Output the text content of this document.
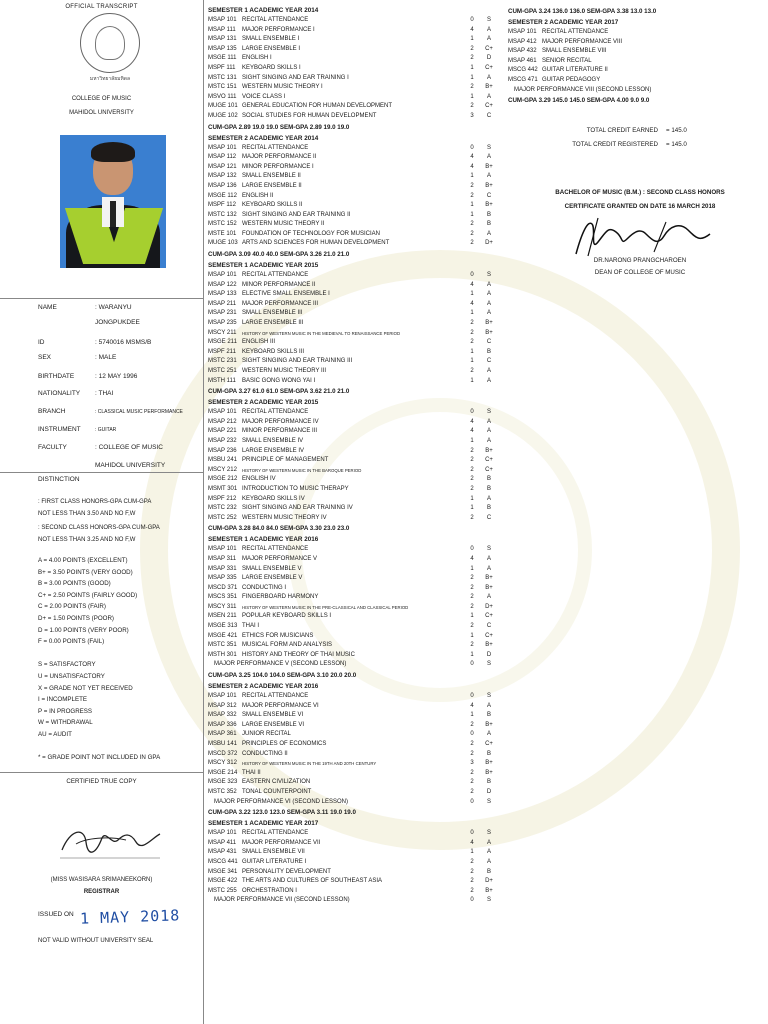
OFFICIAL TRANSCRIPT
มหาวิทยาลัยมหิดล
COLLEGE OF MUSIC
MAHIDOL UNIVERSITY
NAME	: WARANYU
JONGPUKDEE
ID	: 5740016 MSMS/B
SEX	: MALE
BIRTHDATE	: 12 MAY 1996
NATIONALITY : THAI
BRANCH	: CLASSICAL MUSIC PERFORMANCE
INSTRUMENT	: GUITAR
FACULTY	: COLLEGE OF MUSIC
MAHIDOL UNIVERSITY
DISTINCTION
: FIRST CLASS HONORS-GPA CUM-GPA
NOT LESS THAN 3.50 AND NO F,W
: SECOND CLASS HONORS-GPA CUM-GPA
NOT LESS THAN 3.25 AND NO F,W
A = 4.00 POINTS (EXCELLENT)
B+ = 3.50 POINTS (VERY GOOD)
B = 3.00 POINTS (GOOD)
C+ = 2.50 POINTS (FAIRLY GOOD)
C = 2.00 POINTS (FAIR)
D+ = 1.50 POINTS (POOR)
D = 1.00 POINTS (VERY POOR)
F = 0.00 POINTS (FAIL)
S = SATISFACTORY
U = UNSATISFACTORY
X = GRADE NOT YET RECEIVED
I = INCOMPLETE
P = IN PROGRESS
W = WITHDRAWAL
AU = AUDIT
* = GRADE POINT NOT INCLUDED IN GPA
CERTIFIED TRUE COPY
(MISS WASISARA SRIMANEEKORN)
REGISTRAR
ISSUED ON 1 MAY 2018
NOT VALID WITHOUT UNIVERSITY SEAL
SEMESTER 1 ACADEMIC YEAR 2014
MSAP 101 RECITAL ATTENDANCE	0	S
MSAP 111	MAJOR PERFORMANCE I	4	A
MSAP 131 SMALL ENSEMBLE I	1	A
MSAP 135 LARGE ENSEMBLE I	2	C+
MSGE 111 ENGLISH I	2	D
MSPF 111	KEYBOARD SKILLS I	1	C+
MSTC 131 SIGHT SINGING AND EAR TRAINING I	1	A
MSTC 151 WESTERN MUSIC THEORY I	2	B+
MSVO 111 VOICE CLASS I	1	A
MUGE 101 GENERAL EDUCATION FOR HUMAN DEVELOPMENT	2	C+
MUGE 102 SOCIAL STUDIES FOR HUMAN DEVELOPMENT	3	C
CUM-GPA 2.89 19.0 19.0 SEM-GPA 2.89 19.0 19.0
SEMESTER 2 ACADEMIC YEAR 2014
MSAP 101 RECITAL ATTENDANCE	0	S
MSAP 112 MAJOR PERFORMANCE II	4	A
MSAP 121 MINOR PERFORMANCE I	4	B+
MSAP 132 SMALL ENSEMBLE II	1	A
MSAP 136 LARGE ENSEMBLE II	2	B+
MSGE 112 ENGLISH II	2	C
MSPF 112	KEYBOARD SKILLS II	1	B+
MSTC 132 SIGHT SINGING AND EAR TRAINING II	1	B
MSTC 152 WESTERN MUSIC THEORY II	2	B
MSTE 101 FOUNDATION OF TECHNOLOGY FOR MUSICIAN	2	A
MUGE 103 ARTS AND SCIENCES FOR HUMAN DEVELOPMENT	2	D+
CUM-GPA 3.09 40.0 40.0 SEM-GPA 3.26 21.0 21.0
SEMESTER 1 ACADEMIC YEAR 2015
MSAP 101 RECITAL ATTENDANCE	0	S
MSAP 122 MINOR PERFORMANCE II	4	A
MSAP 133 ELECTIVE SMALL ENSEMBLE I	1	A
MSAP 211 MAJOR PERFORMANCE III	4	A
MSAP 231 SMALL ENSEMBLE III	1	A
MSAP 235 LARGE ENSEMBLE III	2	B+
MSCY 211	HISTORY OF WESTERN MUSIC IN THE MEDIEVAL TO RENAISSANCE PERIOD	2	B+
MSGE 211 ENGLISH III	2	C
MSPF 211	KEYBOARD SKILLS III	1	B
MSTC 231 SIGHT SINGING AND EAR TRAINING III	1	C
MSTC 251 WESTERN MUSIC THEORY III	2	A
MSTH 111	BASIC GONG WONG YAI I	1	A
CUM-GPA 3.27 61.0 61.0 SEM-GPA 3.62 21.0 21.0
SEMESTER 2 ACADEMIC YEAR 2015
MSAP 101 RECITAL ATTENDANCE	0	S
MSAP 212 MAJOR PERFORMANCE IV	4	A
MSAP 221 MINOR PERFORMANCE III	4	A
MSAP 232 SMALL ENSEMBLE IV	1	A
MSAP 236 LARGE ENSEMBLE IV	2	B+
MSBU 241 PRINCIPLE OF MANAGEMENT	2	C+
MSCY 212	HISTORY OF WESTERN MUSIC IN THE BAROQUE PERIOD	2	C+
MSGE 212 ENGLISH IV	2	B
MSMT 301 INTRODUCTION TO MUSIC THERAPY	2	B
MSPF 212 KEYBOARD SKILLS IV	1	A
MSTC 232 SIGHT SINGING AND EAR TRAINING IV	1	B
MSTC 252 WESTERN MUSIC THEORY IV	2	C
CUM-GPA 3.28 84.0 84.0 SEM-GPA 3.30 23.0 23.0
SEMESTER 1 ACADEMIC YEAR 2016
MSAP 101 RECITAL ATTENDANCE	0	S
MSAP 311 MAJOR PERFORMANCE V	4	A
MSAP 331 SMALL ENSEMBLE V	1	A
MSAP 335 LARGE ENSEMBLE V	2	B+
MSCD 371 CONDUCTING I	2	B+
MSCS 351 FINGERBOARD HARMONY	2	A
MSCY 311	HISTORY OF WESTERN MUSIC IN THE PRE-CLASSICAL AND CLASSICAL PERIOD	2	D+
MSEN 211 POPULAR KEYBOARD SKILLS I	1	C+
MSGE 313 THAI I	2	C
MSGE 421 ETHICS FOR MUSICIANS	1	C+
MSTC 351 MUSICAL FORM AND ANALYSIS	2	B+
MSTH 301 HISTORY AND THEORY OF THAI MUSIC	1	D
MAJOR PERFORMANCE V (SECOND LESSON)	0	S
CUM-GPA 3.25 104.0 104.0 SEM-GPA 3.10 20.0 20.0
SEMESTER 2 ACADEMIC YEAR 2016
MSAP 101 RECITAL ATTENDANCE	0	S
MSAP 312 MAJOR PERFORMANCE VI	4	A
MSAP 332 SMALL ENSEMBLE VI	1	B
MSAP 336 LARGE ENSEMBLE VI	2	B+
MSAP 361 JUNIOR RECITAL	0	A
MSBU 141 PRINCIPLES OF ECONOMICS	2	C+
MSCD 372 CONDUCTING II	2	B
MSCY 312	HISTORY OF WESTERN MUSIC IN THE 19TH AND 20TH CENTURY	3	B+
MSGE 214 THAI II	2	B+
MSGE 323 EASTERN CIVILIZATION	2	B
MSTC 352 TONAL COUNTERPOINT	2	D
MAJOR PERFORMANCE VI (SECOND LESSON)	0	S
CUM-GPA 3.22 123.0 123.0 SEM-GPA 3.11 19.0 19.0
SEMESTER 1 ACADEMIC YEAR 2017
MSAP 101 RECITAL ATTENDANCE	0	S
MSAP 411 MAJOR PERFORMANCE VII	4	A
MSAP 431 SMALL ENSEMBLE VII	1	A
MSCG 441 GUITAR LITERATURE I	2	A
MSGE 341 PERSONALITY DEVELOPMENT	2	B
MSGE 422 THE ARTS AND CULTURES OF SOUTHEAST ASIA	2	D+
MSTC 255 ORCHESTRATION I	2	B+
MAJOR PERFORMANCE VII (SECOND LESSON)	0	S
CUM-GPA 3.24 136.0 136.0 SEM-GPA 3.38 13.0 13.0
SEMESTER 2 ACADEMIC YEAR 2017
MSAP 101 RECITAL ATTENDANCE
MSAP 412 MAJOR PERFORMANCE VIII
MSAP 432 SMALL ENSEMBLE VIII
MSAP 461 SENIOR RECITAL
MSCG 442 GUITAR LITERATURE II
MSCG 471 GUITAR PEDAGOGY
MAJOR PERFORMANCE VIII (SECOND LESSON)
CUM-GPA 3.29 145.0 145.0 SEM-GPA 4.00 9.0 9.0
TOTAL CREDIT EARNED = 145.0
TOTAL CREDIT REGISTERED = 145.0
BACHELOR OF MUSIC (B.M.) : SECOND CLASS HONORS
CERTIFICATE GRANTED ON DATE 16 MARCH 2018
DR.NARONG PRANGCHAROEN
DEAN OF COLLEGE OF MUSIC
